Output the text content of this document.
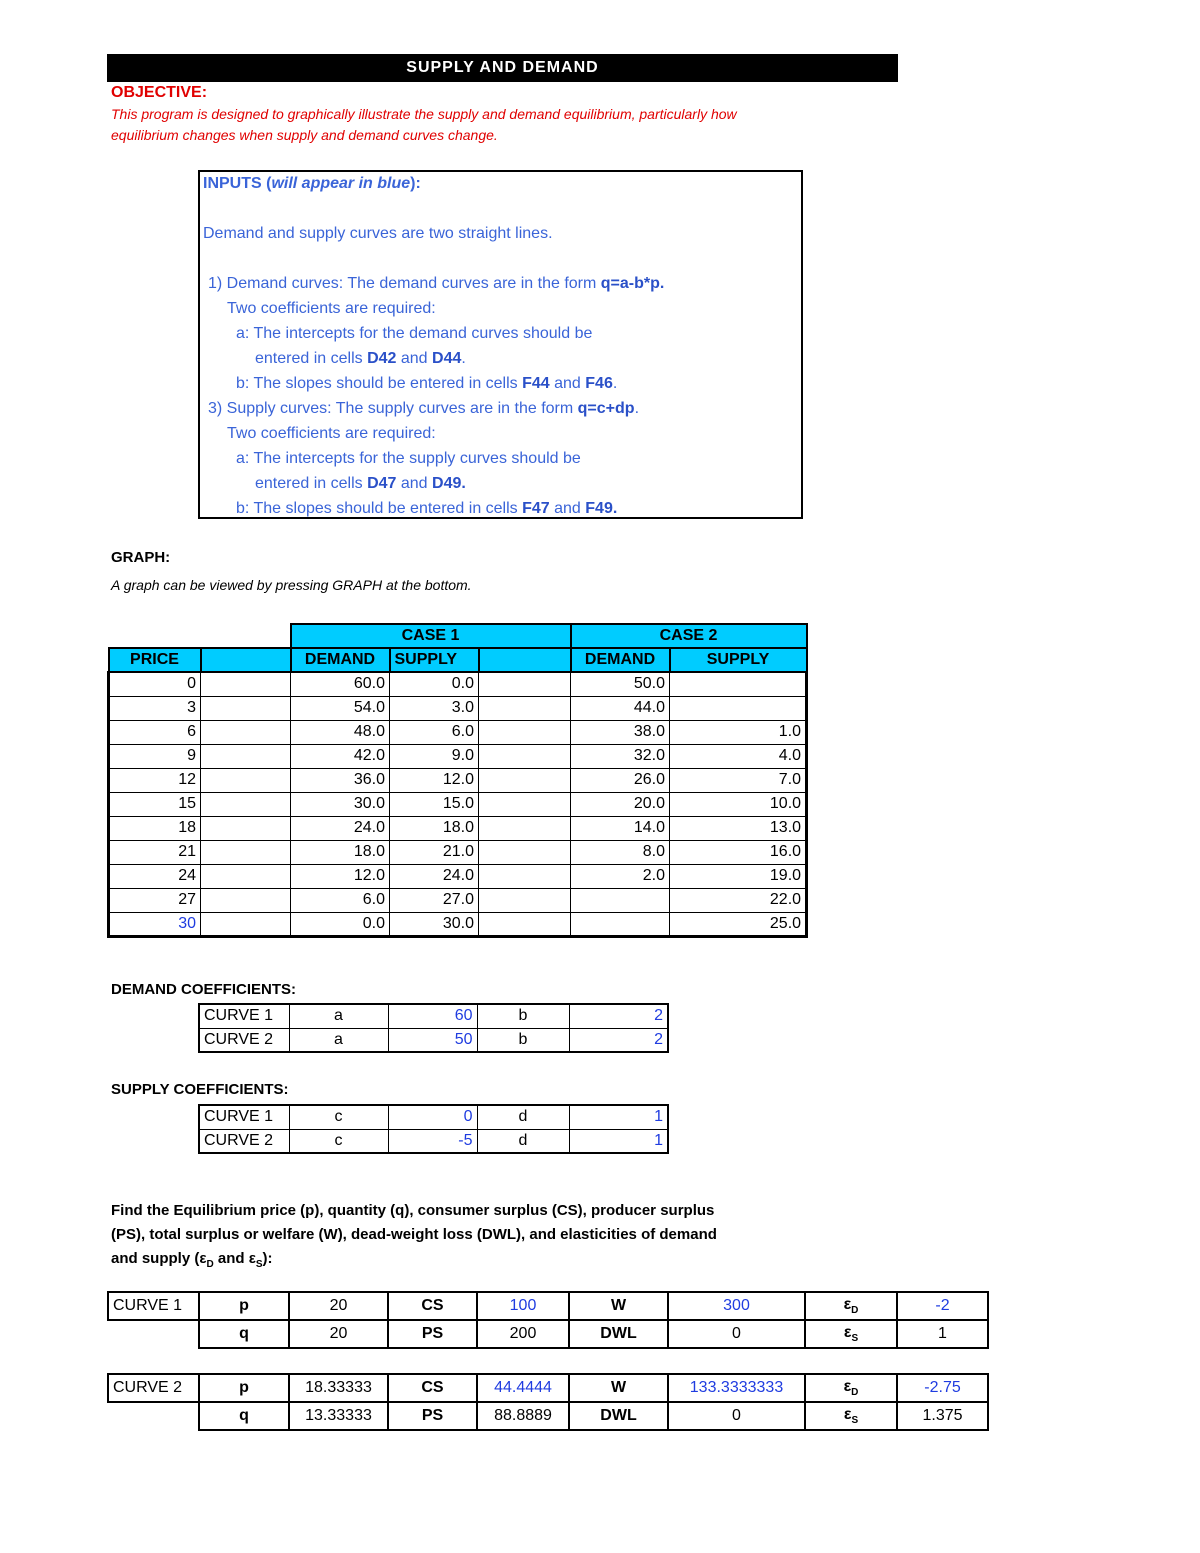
SUPPLY AND DEMAND
OBJECTIVE:
This program is designed to graphically illustrate the supply and demand equilibrium, particularly how
equilibrium changes when supply and demand curves change.
INPUTS (will appear in blue):
Demand and supply curves are two straight lines.
1) Demand curves: The demand curves are in the form q=a-b*p.
Two coefficients are required:
a: The intercepts for the demand curves should be
entered in cells D42 and D44.
b: The slopes should be entered in cells F44 and F46.
3) Supply curves: The supply curves are in the form q=c+dp.
Two coefficients are required:
a: The intercepts for the supply curves should be
entered in cells D47 and D49.
b: The slopes should be entered in cells F47 and F49.
GRAPH:
A graph can be viewed by pressing GRAPH at the bottom.
		CASE 1			CASE 2	
PRICE		DEMAND	SUPPLY		DEMAND	SUPPLY
0		60.0	0.0		50.0	
3		54.0	3.0		44.0	
6		48.0	6.0		38.0	1.0
9		42.0	9.0		32.0	4.0
12		36.0	12.0		26.0	7.0
15		30.0	15.0		20.0	10.0
18		24.0	18.0		14.0	13.0
21		18.0	21.0		8.0	16.0
24		12.0	24.0		2.0	19.0
27		6.0	27.0			22.0
30		0.0	30.0			25.0
DEMAND COEFFICIENTS:
CURVE 1	a	60	b	2
CURVE 2	a	50	b	2
SUPPLY COEFFICIENTS:
CURVE 1	c	0	d	1
CURVE 2	c	-5	d	1
Find the Equilibrium price (p), quantity (q), consumer surplus (CS), producer surplus
(PS), total surplus or welfare (W), dead-weight loss (DWL), and elasticities of demand
and supply ($\varepsilon_D$ and $\varepsilon_S$):
CURVE 1	p	20	CS	100	W	300	$\varepsilon_D$	-2
	q	20	PS	200	DWL	0	$\varepsilon_S$	1
CURVE 2	p	18.33333	CS	44.4444	W	133.3333333	$\varepsilon_D$	-2.75
	q	13.33333	PS	88.8889	DWL	0	$\varepsilon_S$	1.375
